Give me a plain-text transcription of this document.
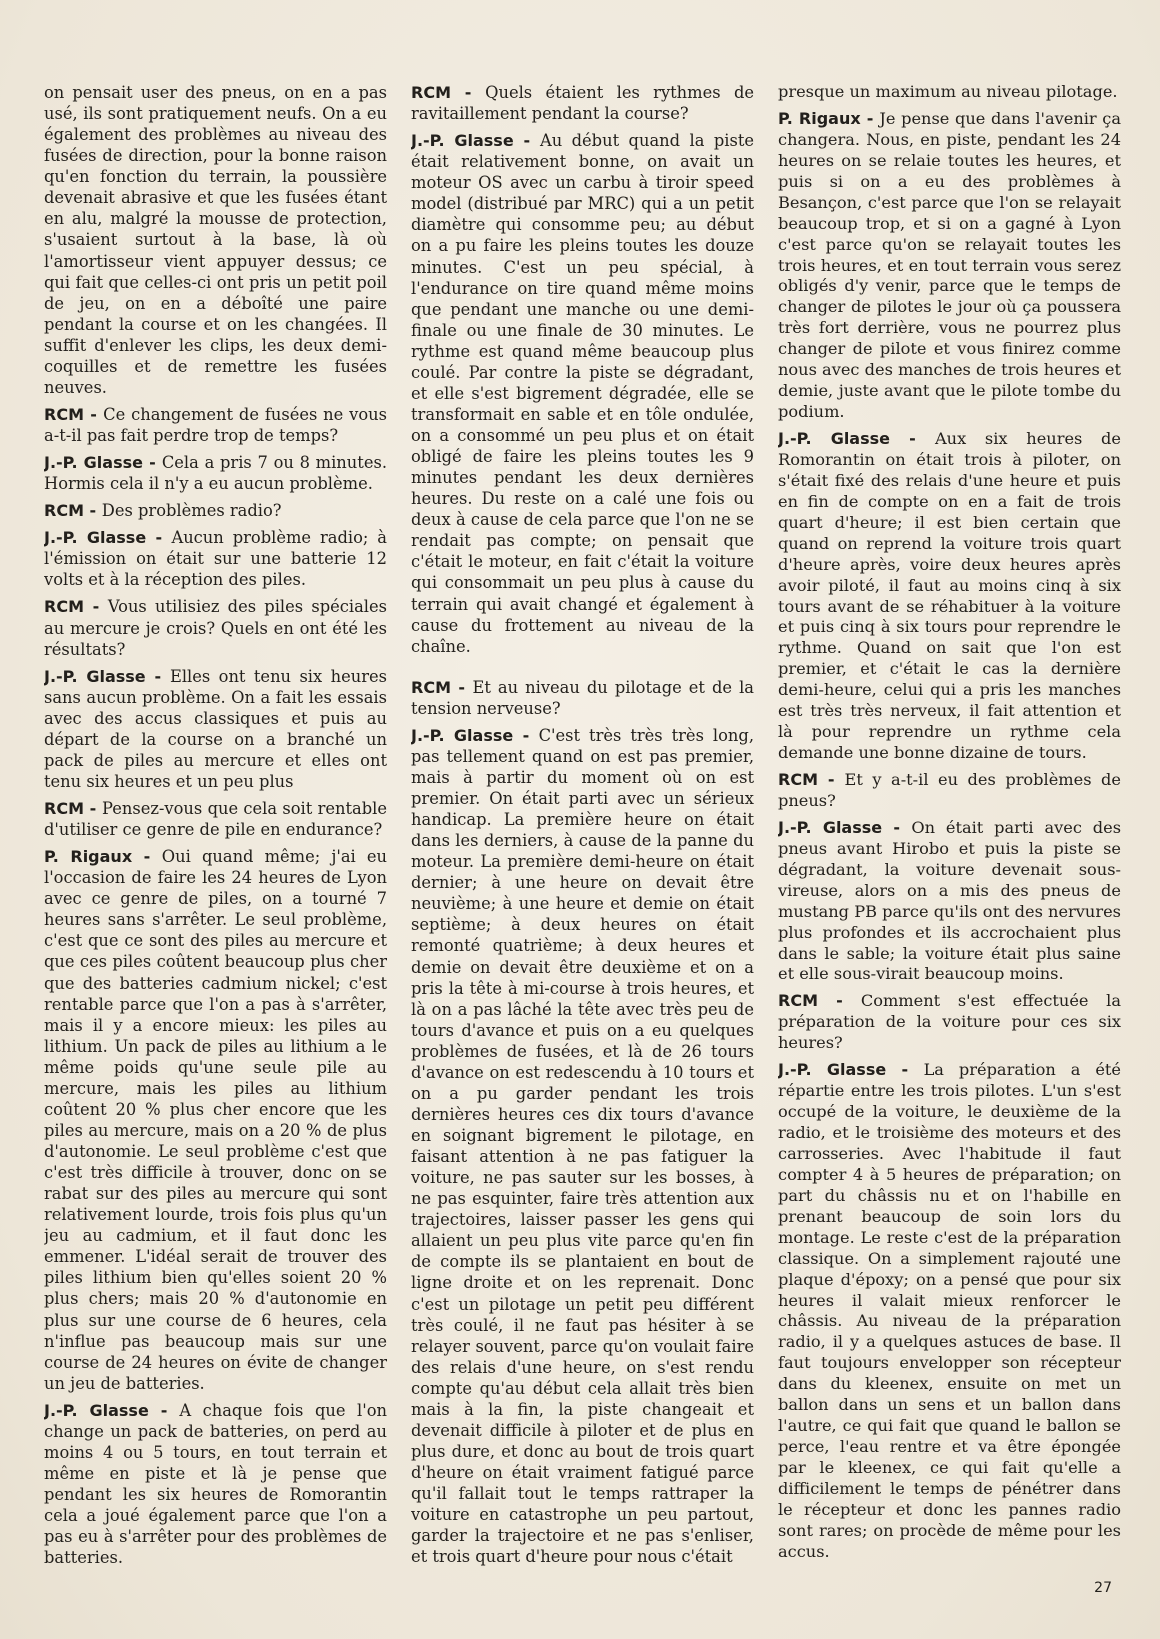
on pensait user des pneus, on en a pas usé, ils sont pratiquement neufs. On a eu également des problèmes au niveau des fusées de direction, pour la bonne raison qu'en fonction du terrain, la poussière devenait abrasive et que les fusées étant en alu, malgré la mousse de protection, s'usaient surtout à la base, là où l'amortisseur vient appuyer dessus; ce qui fait que celles-ci ont pris un petit poil de jeu, on en a déboîté une paire pendant la course et on les changées. Il suffit d'enlever les clips, les deux demi-coquilles et de remettre les fusées neuves.

RCM - Ce changement de fusées ne vous a-t-il pas fait perdre trop de temps?

J.-P. Glasse - Cela a pris 7 ou 8 minutes. Hormis cela il n'y a eu aucun problème.

RCM - Des problèmes radio?

J.-P. Glasse - Aucun problème radio; à l'émission on était sur une batterie 12 volts et à la réception des piles.

RCM - Vous utilisiez des piles spéciales au mercure je crois? Quels en ont été les résultats?

J.-P. Glasse - Elles ont tenu six heures sans aucun problème. On a fait les essais avec des accus classiques et puis au départ de la course on a branché un pack de piles au mercure et elles ont tenu six heures et un peu plus

RCM - Pensez-vous que cela soit rentable d'utiliser ce genre de pile en endurance?

P. Rigaux - Oui quand même; j'ai eu l'occasion de faire les 24 heures de Lyon avec ce genre de piles, on a tourné 7 heures sans s'arrêter. Le seul problème, c'est que ce sont des piles au mercure et que ces piles coûtent beaucoup plus cher que des batteries cadmium nickel; c'est rentable parce que l'on a pas à s'arrêter, mais il y a encore mieux: les piles au lithium. Un pack de piles au lithium a le même poids qu'une seule pile au mercure, mais les piles au lithium coûtent 20 % plus cher encore que les piles au mercure, mais on a 20 % de plus d'autonomie. Le seul problème c'est que c'est très difficile à trouver, donc on se rabat sur des piles au mercure qui sont relativement lourde, trois fois plus qu'un jeu au cadmium, et il faut donc les emmener. L'idéal serait de trouver des piles lithium bien qu'elles soient 20 % plus chers; mais 20 % d'autonomie en plus sur une course de 6 heures, cela n'influe pas beaucoup mais sur une course de 24 heures on évite de changer un jeu de batteries.

J.-P. Glasse - A chaque fois que l'on change un pack de batteries, on perd au moins 4 ou 5 tours, en tout terrain et même en piste et là je pense que pendant les six heures de Romorantin cela a joué également parce que l'on a pas eu à s'arrêter pour des problèmes de batteries.

RCM - Quels étaient les rythmes de ravitaillement pendant la course?

J.-P. Glasse - Au début quand la piste était relativement bonne, on avait un moteur OS avec un carbu à tiroir speed model (distribué par MRC) qui a un petit diamètre qui consomme peu; au début on a pu faire les pleins toutes les douze minutes. C'est un peu spécial, à l'endurance on tire quand même moins que pendant une manche ou une demi-finale ou une finale de 30 minutes. Le rythme est quand même beaucoup plus coulé. Par contre la piste se dégradant, et elle s'est bigrement dégradée, elle se transformait en sable et en tôle ondulée, on a consommé un peu plus et on était obligé de faire les pleins toutes les 9 minutes pendant les deux dernières heures. Du reste on a calé une fois ou deux à cause de cela parce que l'on ne se rendait pas compte; on pensait que c'était le moteur, en fait c'était la voiture qui consommait un peu plus à cause du terrain qui avait changé et également à cause du frottement au niveau de la chaîne.

RCM - Et au niveau du pilotage et de la tension nerveuse?

J.-P. Glasse - C'est très très très long, pas tellement quand on est pas premier, mais à partir du moment où on est premier. On était parti avec un sérieux handicap. La première heure on était dans les derniers, à cause de la panne du moteur. La première demi-heure on était dernier; à une heure on devait être neuvième; à une heure et demie on était septième; à deux heures on était remonté quatrième; à deux heures et demie on devait être deuxième et on a pris la tête à mi-course à trois heures, et là on a pas lâché la tête avec très peu de tours d'avance et puis on a eu quelques problèmes de fusées, et là de 26 tours d'avance on est redescendu à 10 tours et on a pu garder pendant les trois dernières heures ces dix tours d'avance en soignant bigrement le pilotage, en faisant attention à ne pas fatiguer la voiture, ne pas sauter sur les bosses, à ne pas esquinter, faire très attention aux trajectoires, laisser passer les gens qui allaient un peu plus vite parce qu'en fin de compte ils se plantaient en bout de ligne droite et on les reprenait. Donc c'est un pilotage un petit peu différent très coulé, il ne faut pas hésiter à se relayer souvent, parce qu'on voulait faire des relais d'une heure, on s'est rendu compte qu'au début cela allait très bien mais à la fin, la piste changeait et devenait difficile à piloter et de plus en plus dure, et donc au bout de trois quart d'heure on était vraiment fatigué parce qu'il fallait tout le temps rattraper la voiture en catastrophe un peu partout, garder la trajectoire et ne pas s'enliser, et trois quart d'heure pour nous c'était

presque un maximum au niveau pilotage.

P. Rigaux - Je pense que dans l'avenir ça changera. Nous, en piste, pendant les 24 heures on se relaie toutes les heures, et puis si on a eu des problèmes à Besançon, c'est parce que l'on se relayait beaucoup trop, et si on a gagné à Lyon c'est parce qu'on se relayait toutes les trois heures, et en tout terrain vous serez obligés d'y venir, parce que le temps de changer de pilotes le jour où ça poussera très fort derrière, vous ne pourrez plus changer de pilote et vous finirez comme nous avec des manches de trois heures et demie, juste avant que le pilote tombe du podium.

J.-P. Glasse - Aux six heures de Romorantin on était trois à piloter, on s'était fixé des relais d'une heure et puis en fin de compte on en a fait de trois quart d'heure; il est bien certain que quand on reprend la voiture trois quart d'heure après, voire deux heures après avoir piloté, il faut au moins cinq à six tours avant de se réhabituer à la voiture et puis cinq à six tours pour reprendre le rythme. Quand on sait que l'on est premier, et c'était le cas la dernière demi-heure, celui qui a pris les manches est très très nerveux, il fait attention et là pour reprendre un rythme cela demande une bonne dizaine de tours.

RCM - Et y a-t-il eu des problèmes de pneus?

J.-P. Glasse - On était parti avec des pneus avant Hirobo et puis la piste se dégradant, la voiture devenait sous-vireuse, alors on a mis des pneus de mustang PB parce qu'ils ont des nervures plus profondes et ils accrochaient plus dans le sable; la voiture était plus saine et elle sous-virait beaucoup moins.

RCM - Comment s'est effectuée la préparation de la voiture pour ces six heures?

J.-P. Glasse - La préparation a été répartie entre les trois pilotes. L'un s'est occupé de la voiture, le deuxième de la radio, et le troisième des moteurs et des carrosseries. Avec l'habitude il faut compter 4 à 5 heures de préparation; on part du châssis nu et on l'habille en prenant beaucoup de soin lors du montage. Le reste c'est de la préparation classique. On a simplement rajouté une plaque d'époxy; on a pensé que pour six heures il valait mieux renforcer le châssis. Au niveau de la préparation radio, il y a quelques astuces de base. Il faut toujours envelopper son récepteur dans du kleenex, ensuite on met un ballon dans un sens et un ballon dans l'autre, ce qui fait que quand le ballon se perce, l'eau rentre et va être épongée par le kleenex, ce qui fait qu'elle a difficilement le temps de pénétrer dans le récepteur et donc les pannes radio sont rares; on procède de même pour les accus.

27
